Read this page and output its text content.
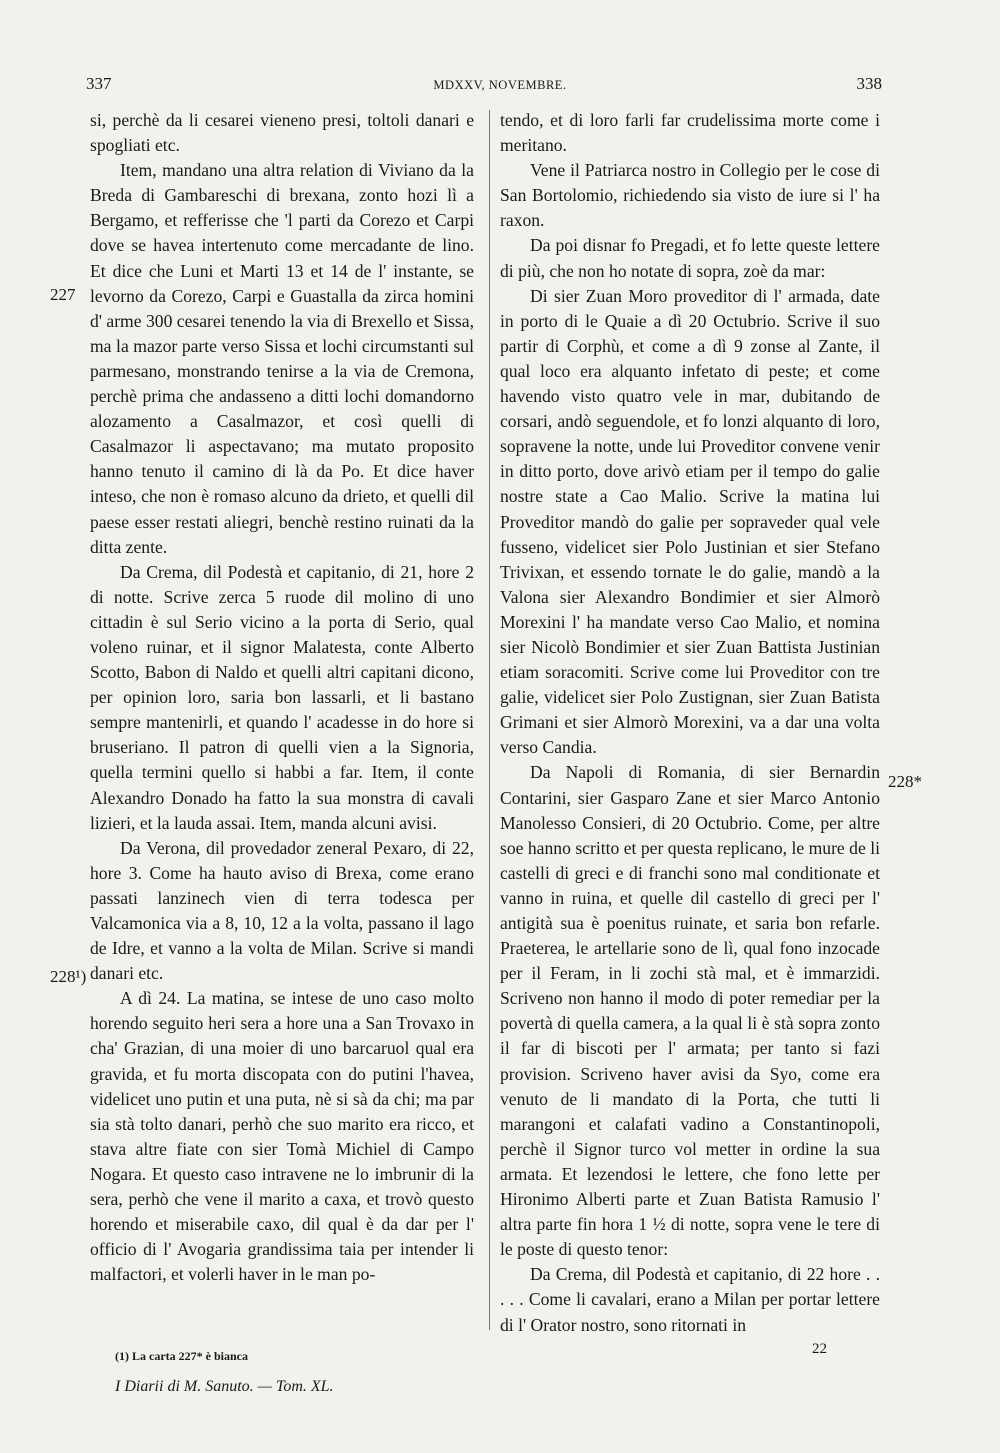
337	MDXXV, NOVEMBRE.	338
227
228¹)
228*

si, perchè da li cesarei vieneno presi, toltoli danari e spogliati etc.

Item, mandano una altra relation di Viviano da la Breda di Gambareschi di brexana, zonto hozi lì a Bergamo, et refferisse che 'l parti da Corezo et Carpi dove se havea intertenuto come mercadante de lino. Et dice che Luni et Marti 13 et 14 de l' instante, se levorno da Corezo, Carpi e Guastalla da zirca homini d' arme 300 cesarei tenendo la via di Brexello et Sissa, ma la mazor parte verso Sissa et lochi circumstanti sul parmesano, monstrando tenirse a la via de Cremona, perchè prima che andasseno a ditti lochi domandorno alozamento a Casalmazor, et così quelli di Casalmazor li aspectavano; ma mutato proposito hanno tenuto il camino di là da Po. Et dice haver inteso, che non è romaso alcuno da drieto, et quelli dil paese esser restati aliegri, benchè restino ruinati da la ditta zente.

Da Crema, dil Podestà et capitanio, di 21, hore 2 di notte. Scrive zerca 5 ruode dil molino di uno cittadin è sul Serio vicino a la porta di Serio, qual voleno ruinar, et il signor Malatesta, conte Alberto Scotto, Babon di Naldo et quelli altri capitani dicono, per opinion loro, saria bon lassarli, et li bastano sempre mantenirli, et quando l' acadesse in do hore si bruseriano. Il patron di quelli vien a la Signoria, quella termini quello si habbi a far. Item, il conte Alexandro Donado ha fatto la sua monstra di cavali lizieri, et la lauda assai. Item, manda alcuni avisi.

Da Verona, dil provedador zeneral Pexaro, di 22, hore 3. Come ha hauto aviso di Brexa, come erano passati lanzinech vien di terra todesca per Valcamonica via a 8, 10, 12 a la volta, passano il lago de Idre, et vanno a la volta de Milan. Scrive si mandi danari etc.

A dì 24. La matina, se intese de uno caso molto horendo seguito heri sera a hore una a San Trovaxo in cha' Grazian, di una moier di uno barcaruol qual era gravida, et fu morta discopata con do putini l'havea, videlicet uno putin et una puta, nè si sà da chi; ma par sia stà tolto danari, perhò che suo marito era ricco, et stava altre fiate con sier Tomà Michiel di Campo Nogara. Et questo caso intravene ne lo imbrunir di la sera, perhò che vene il marito a caxa, et trovò questo horendo et miserabile caxo, dil qual è da dar per l' officio di l' Avogaria grandissima taia per intender li malfactori, et volerli haver in le man po-

tendo, et di loro farli far crudelissima morte come i meritano.

Vene il Patriarca nostro in Collegio per le cose di San Bortolomio, richiedendo sia visto de iure si l' ha raxon.

Da poi disnar fo Pregadi, et fo lette queste lettere di più, che non ho notate di sopra, zoè da mar:

Di sier Zuan Moro proveditor di l' armada, date in porto di le Quaie a dì 20 Octubrio. Scrive il suo partir di Corphù, et come a dì 9 zonse al Zante, il qual loco era alquanto infetato di peste; et come havendo visto quatro vele in mar, dubitando de corsari, andò seguendole, et fo lonzi alquanto di loro, sopravene la notte, unde lui Proveditor convene venir in ditto porto, dove arivò etiam per il tempo do galie nostre state a Cao Malio. Scrive la matina lui Proveditor mandò do galie per sopraveder qual vele fusseno, videlicet sier Polo Justinian et sier Stefano Trivixan, et essendo tornate le do galie, mandò a la Valona sier Alexandro Bondimier et sier Almorò Morexini l' ha mandate verso Cao Malio, et nomina sier Nicolò Bondimier et sier Zuan Battista Justinian etiam soracomiti. Scrive come lui Proveditor con tre galie, videlicet sier Polo Zustignan, sier Zuan Batista Grimani et sier Almorò Morexini, va a dar una volta verso Candia.

Da Napoli di Romania, di sier Bernardin Contarini, sier Gasparo Zane et sier Marco Antonio Manolesso Consieri, di 20 Octubrio. Come, per altre soe hanno scritto et per questa replicano, le mure de li castelli di greci e di franchi sono mal conditionate et vanno in ruina, et quelle dil castello di greci per l' antigità sua è poenitus ruinate, et saria bon refarle. Praeterea, le artellarie sono de lì, qual fono inzocade per il Feram, in li zochi stà mal, et è immarzidi. Scriveno non hanno il modo di poter remediar per la povertà di quella camera, a la qual li è stà sopra zonto il far di biscoti per l' armata; per tanto si fazi provision. Scriveno haver avisi da Syo, come era venuto de li mandato di la Porta, che tutti li marangoni et calafati vadino a Constantinopoli, perchè il Signor turco vol metter in ordine la sua armata. Et lezendosi le lettere, che fono lette per Hironimo Alberti parte et Zuan Batista Ramusio l' altra parte fin hora 1 ½ di notte, sopra vene le tere di le poste di questo tenor:

Da Crema, dil Podestà et capitanio, di 22 hore . . . . . Come li cavalari, erano a Milan per portar lettere di l' Orator nostro, sono ritornati in

(1) La carta 227* è bianca
I Diarii di M. Sanuto. — Tom. XL.
22
